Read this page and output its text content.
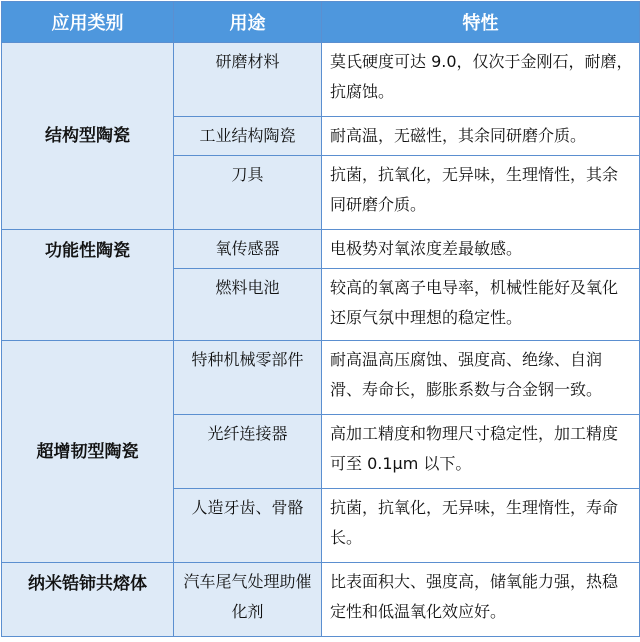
应用类别	用途	特性
结构型陶瓷	研磨材料	莫氏硬度可达 9.0，仅次于金刚石，耐磨，抗腐蚀。
	工业结构陶瓷	耐高温，无磁性，其余同研磨介质。
	刀具	抗菌，抗氧化，无异味，生理惰性，其余同研磨介质。
功能性陶瓷	氧传感器	电极势对氧浓度差最敏感。
	燃料电池	较高的氧离子电导率，机械性能好及氧化还原气氛中理想的稳定性。
超增韧型陶瓷	特种机械零部件	耐高温高压腐蚀、强度高、绝缘、自润滑、寿命长，膨胀系数与合金钢一致。
	光纤连接器	高加工精度和物理尺寸稳定性，加工精度可至 0.1μm 以下。
	人造牙齿、骨骼	抗菌，抗氧化，无异味，生理惰性，寿命长。
纳米锆铈共熔体	汽车尾气处理助催化剂	比表面积大、强度高，储氧能力强，热稳定性和低温氧化效应好。
